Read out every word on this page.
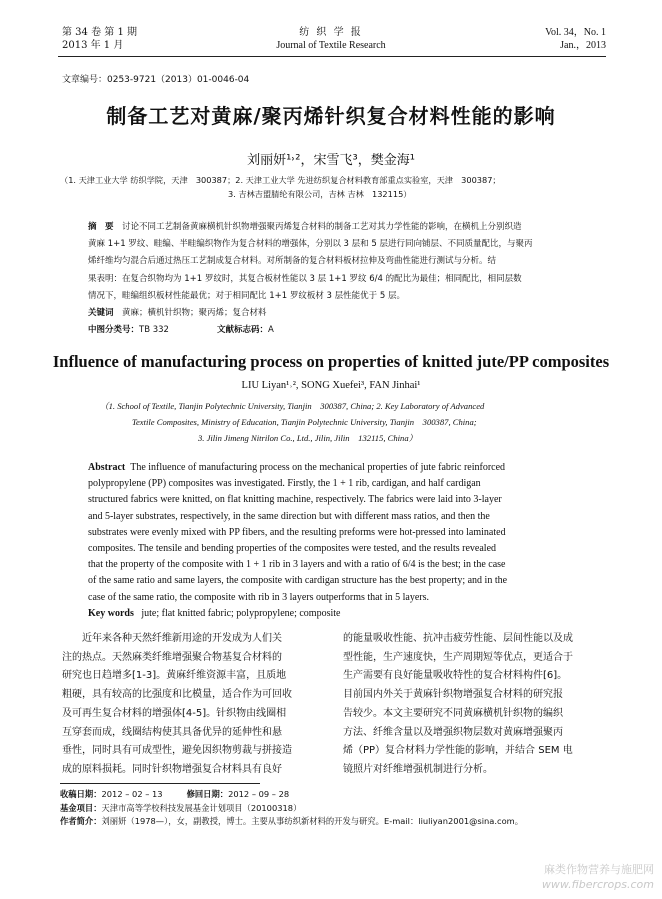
第 34 卷 第 1 期
2013 年 1 月
纺 织 学 报
Journal of Textile Research
Vol. 34，No. 1
Jan.，2013
文章编号：0253-9721（2013）01-0046-04
制备工艺对黄麻/聚丙烯针织复合材料性能的影响
刘丽妍¹˒²，宋雪飞³，樊金海¹
（1. 天津工业大学 纺织学院，天津　300387；2. 天津工业大学 先进纺织复合材料教育部重点实验室，天津　300387；
3. 吉林吉盟腈纶有限公司，吉林 吉林　132115）
摘　要　 讨论不同工艺制备黄麻横机针织物增强聚丙烯复合材料的制备工艺对其力学性能的影响，在横机上分别织造
黄麻 1+1 罗纹、畦编、半畦编织物作为复合材料的增强体，分别以 3 层和 5 层进行同向铺层、不同质量配比，与聚丙
烯纤维均匀混合后通过热压工艺制成复合材料。对所制备的复合材料板材拉伸及弯曲性能进行测试与分析。结
果表明：在复合织物均为 1+1 罗纹时，其复合板材性能以 3 层 1+1 罗纹 6/4 的配比为最佳；相同配比，相同层数
情况下，畦编组织板材性能最优；对于相同配比 1+1 罗纹板材 3 层性能优于 5 层。
关键词　 黄麻；横机针织物；聚丙烯；复合材料
中图分类号：TB 332	文献标志码：A
Influence of manufacturing process on properties of knitted jute/PP composites
LIU Liyan¹˒², SONG Xuefei³, FAN Jinhai¹
（1. School of Textile, Tianjin Polytechnic University, Tianjin　300387, China; 2. Key Laboratory of Advanced
Textile Composites, Ministry of Education, Tianjin Polytechnic University, Tianjin　300387, China;
3. Jilin Jimeng Nitrilon Co., Ltd., Jilin, Jilin　132115, China）
Abstract The influence of manufacturing process on the mechanical properties of jute fabric reinforced
polypropylene (PP) composites was investigated. Firstly, the 1 + 1 rib, cardigan, and half cardigan
structured fabrics were knitted, on flat knitting machine, respectively. The fabrics were laid into 3-layer
and 5-layer substrates, respectively, in the same direction but with different mass ratios, and then the
substrates were evenly mixed with PP fibers, and the resulting preforms were hot-pressed into laminated
composites. The tensile and bending properties of the composites were tested, and the results revealed
that the property of the composite with 1 + 1 rib in 3 layers and with a ratio of 6/4 is the best; in the case
of the same ratio and same layers, the composite with cardigan structure has the best property; and in the
case of the same ratio, the composite with rib in 3 layers outperforms that in 5 layers.
Key words jute; flat knitted fabric; polypropylene; composite
近年来各种天然纤维新用途的开发成为人们关
注的热点。天然麻类纤维增强聚合物基复合材料的
研究也日趋增多[1-3]。黄麻纤维资源丰富，且质地
粗硬，具有较高的比强度和比模量，适合作为可回收
及可再生复合材料的增强体[4-5]。针织物由线圈相
互穿套而成，线圈结构使其具备优异的延伸性和悬
垂性，同时具有可成型性，避免因织物剪裁与拼接造
成的原料损耗。同时针织物增强复合材料具有良好
的能量吸收性能、抗冲击疲劳性能、层间性能以及成
型性能，生产速度快，生产周期短等优点，更适合于
生产需要有良好能量吸收特性的复合材料构件[6]。
目前国内外关于黄麻针织物增强复合材料的研究报
告较少。本文主要研究不同黄麻横机针织物的编织
方法、纤维含量以及增强织物层数对黄麻增强聚丙
烯（PP）复合材料力学性能的影响，并结合 SEM 电
镜照片对纤维增强机制进行分析。
收稿日期：2012 – 02 – 13	修回日期：2012 – 09 – 28
基金项目：天津市高等学校科技发展基金计划项目（20100318）
作者简介：刘丽妍（1978—），女，副教授，博士。主要从事纺织新材料的开发与研究。E-mail：liuliyan2001@sina.com。
麻类作物营养与施肥网
www.fibercrops.com
